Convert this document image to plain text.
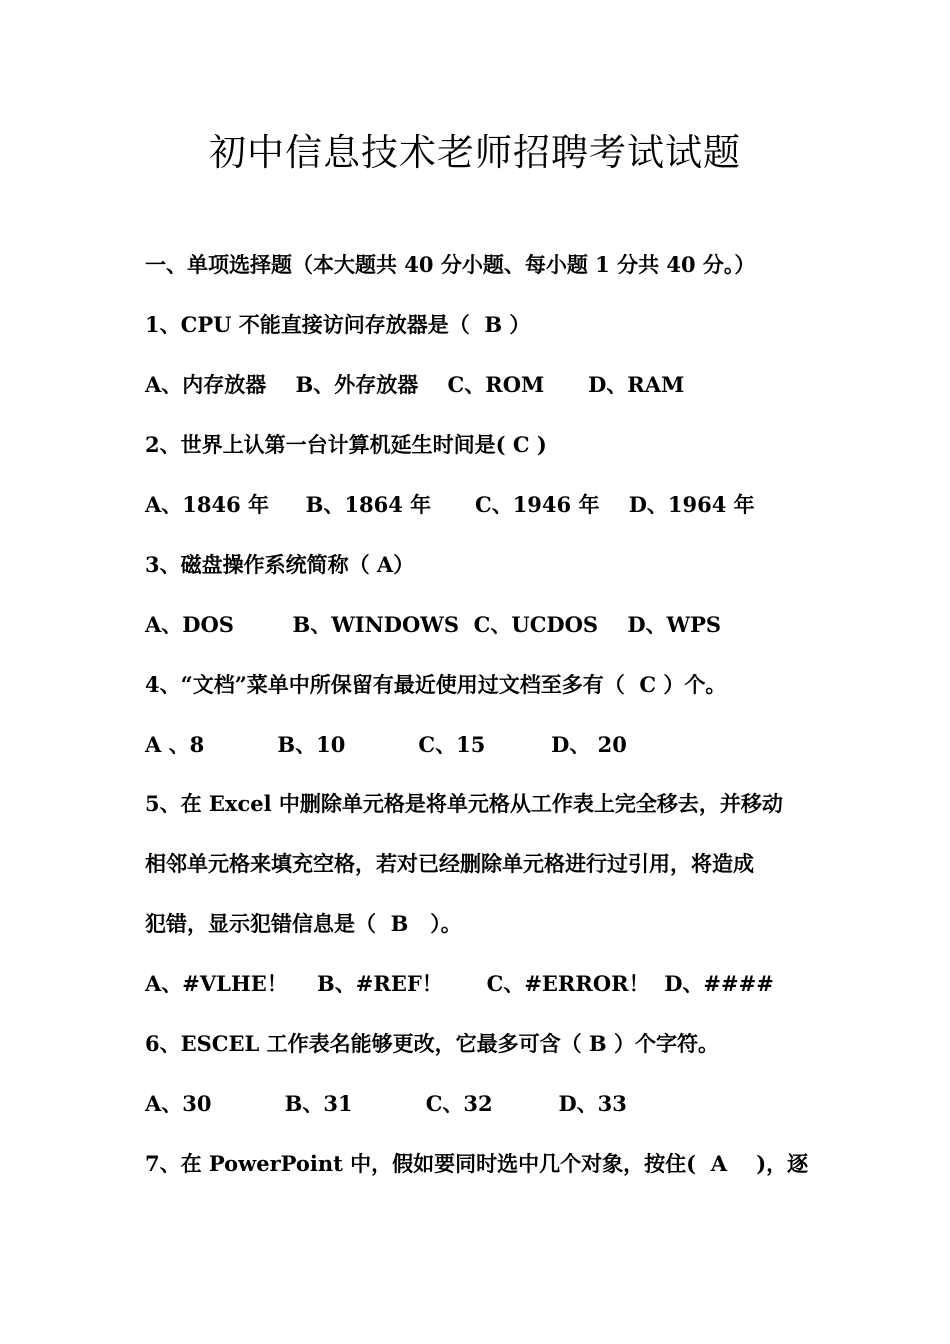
初中信息技术老师招聘考试试题
一、单项选择题（本大题共 40 分小题、每小题 1 分共 40 分。）
1、CPU 不能直接访问存放器是（  B ）
A、内存放器    B、外存放器    C、ROM      D、RAM
2、世界上认第一台计算机延生时间是( C )
A、1846 年     B、1864 年      C、1946 年    D、1964 年
3、磁盘操作系统简称（ A）
A、DOS        B、WINDOWS  C、UCDOS    D、WPS
4、“文档”菜单中所保留有最近使用过文档至多有（  C ）个。
A 、8          B、10          C、15         D、 20
5、在 Excel 中删除单元格是将单元格从工作表上完全移去，并移动
相邻单元格来填充空格，若对已经删除单元格进行过引用，将造成
犯错，显示犯错信息是（  B   ）。
A、#VLHE！    B、#REF！      C、#ERROR！  D、####
6、ESCEL 工作表名能够更改，它最多可含（ B ）个字符。
A、30          B、31          C、32         D、33
7、在 PowerPoint 中，假如要同时选中几个对象，按住(  A    )，逐
